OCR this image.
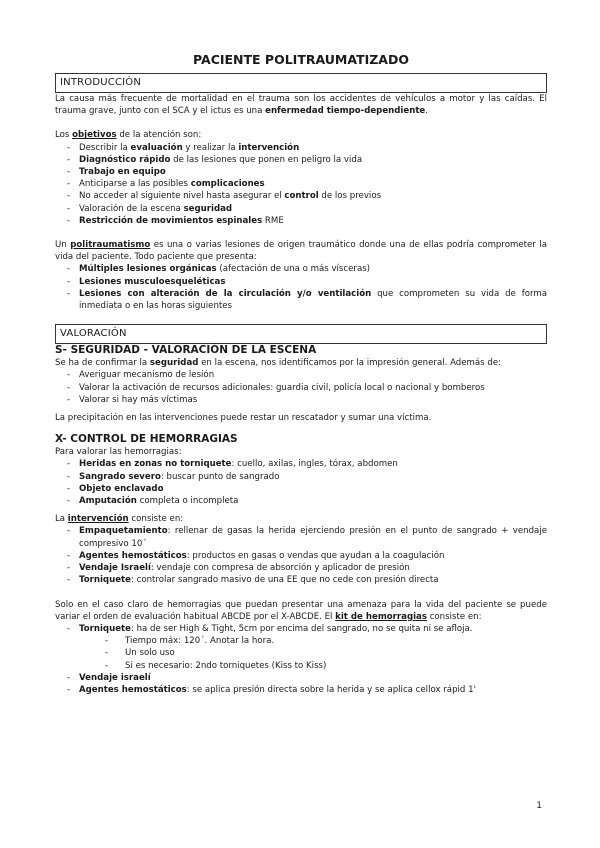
PACIENTE POLITRAUMATIZADO
INTRODUCCIÓN

La causa más frecuente de mortalidad en el trauma son los accidentes de vehículos a motor y las caídas. El trauma grave, junto con el SCA y el ictus es una enfermedad tiempo-dependiente.

Los objetivos de la atención son:

- Describir la evaluación y realizar la intervención
- Diagnóstico rápido de las lesiones que ponen en peligro la vida
- Trabajo en equipo
- Anticiparse a las posibles complicaciones
- No acceder al siguiente nivel hasta asegurar el control de los previos
- Valoración de la escena seguridad
- Restricción de movimientos espinales RME

Un politraumatismo es una o varias lesiones de origen traumático donde una de ellas podría comprometer la vida del paciente. Todo paciente que presenta:

- Múltiples lesiones orgánicas (afectación de una o más vísceras)
- Lesiones musculoesqueléticas
- Lesiones con alteración de la circulación y/o ventilación que comprometen su vida de forma inmediata o en las horas siguientes
VALORACIÓN
S- SEGURIDAD - VALORACIÓN DE LA ESCENA

Se ha de confirmar la seguridad en la escena, nos identificamos por la impresión general. Además de:

- Averiguar mecanismo de lesión
- Valorar la activación de recursos adicionales: guardia civil, policía local o nacional y bomberos
- Valorar si hay más víctimas

La precipitación en las intervenciones puede restar un rescatador y sumar una víctima.

X- CONTROL DE HEMORRAGIAS

Para valorar las hemorragias:

- Heridas en zonas no torniquete: cuello, axilas, ingles, tórax, abdomen
- Sangrado severo: buscar punto de sangrado
- Objeto enclavado
- Amputación completa o incompleta

La intervención consiste en:

- Empaquetamiento: rellenar de gasas la herida ejerciendo presión en el punto de sangrado + vendaje compresivo 10´
- Agentes hemostáticos: productos en gasas o vendas que ayudan a la coagulación
- Vendaje Israelí: vendaje con compresa de absorción y aplicador de presión
- Torniquete: controlar sangrado masivo de una EE que no cede con presión directa

Solo en el caso claro de hemorragias que puedan presentar una amenaza para la vida del paciente se puede variar el orden de evaluación habitual ABCDE por el X-ABCDE. El kit de hemorragias consiste en:

- Torniquete: ha de ser High & Tight, 5cm por encima del sangrado, no se quita ni se afloja.
- Tiempo máx: 120´. Anotar la hora.
- Un solo uso
- Si es necesario: 2ndo torniquetes (Kiss to Kiss)
- Vendaje israelí
- Agentes hemostáticos: se aplica presión directa sobre la herida y se aplica cellox rápid 1'
1
